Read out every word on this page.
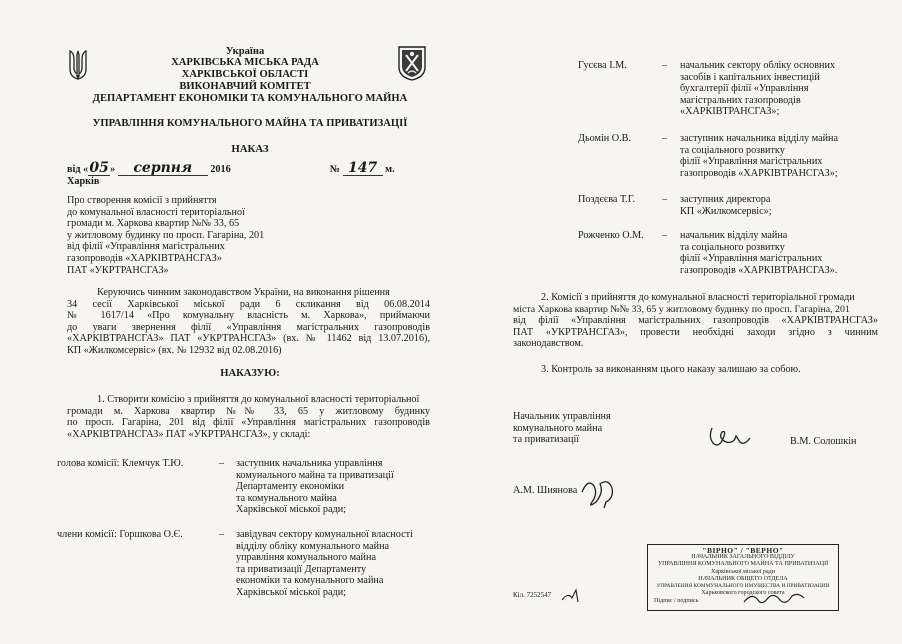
Україна

ХАРКІВСЬКА МІСЬКА РАДА

ХАРКІВСЬКОЇ ОБЛАСТІ

ВИКОНАВЧИЙ КОМІТЕТ

ДЕПАРТАМЕНТ ЕКОНОМІКИ ТА КОМУНАЛЬНОГО МАЙНА

УПРАВЛІННЯ КОМУНАЛЬНОГО МАЙНА ТА ПРИВАТИЗАЦІЇ

НАКАЗ

від «05» серпня 2016	№ 147 м. Харків
Про створення комісії з прийняття
до комунальної власності територіальної
громади м. Харкова квартир №№ 33, 65
у житловому будинку по просп. Гагаріна, 201
від філії «Управління магістральних
газопроводів «ХАРКІВТРАНСГАЗ»
ПАТ «УКРТРАНСГАЗ»
Керуючись чинним законодавством України, на виконання рішення
34 сесії Харківської міської ради 6 скликання від 06.08.2014
№ 1617/14 «Про комунальну власність м. Харкова», приймаючи
до уваги звернення філії «Управління магістральних газопроводів
«ХАРКІВТРАНСГАЗ» ПАТ «УКРТРАНСГАЗ» (вх. № 11462 від 13.07.2016),
КП «Жилкомсервіс» (вх. № 12932 від 02.08.2016)

НАКАЗУЮ:

1. Створити комісію з прийняття до комунальної власності територіальної
громади м. Харкова квартир №№ 33, 65 у житловому будинку
по просп. Гагаріна, 201 від філії «Управління магістральних газопроводів
«ХАРКІВТРАНСГАЗ» ПАТ «УКРТРАНСГАЗ», у складі:
голова комісії: Клемчук Т.Ю.	– заступник начальника управління
комунального майна та приватизації
Департаменту економіки
та комунального майна
Харківської міської ради;
члени комісії: Горшкова О.Є.	– завідувач сектору комунальної власності
відділу обліку комунального майна
управління комунального майна
та приватизації Департаменту
економіки та комунального майна
Харківської міської ради;
Гусєва І.М.	– начальник сектору обліку основних
засобів і капітальних інвестицій
бухгалтерії філії «Управління
магістральних газопроводів
«ХАРКІВТРАНСГАЗ»;
Дьомін О.В.	– заступник начальника відділу майна
та соціального розвитку
філії «Управління магістральних
газопроводів «ХАРКІВТРАНСГАЗ»;
Поздєєва Т.Г.	– заступник директора
КП «Жилкомсервіс»;
Рожченко О.М.	– начальник відділу майна
та соціального розвитку
філії «Управління магістральних
газопроводів «ХАРКІВТРАНСГАЗ».
2. Комісії з прийняття до комунальної власності територіальної громади
міста Харкова квартир №№ 33, 65 у житловому будинку по просп. Гагаріна, 201
від філії «Управління магістральних газопроводів «ХАРКІВТРАНСГАЗ»
ПАТ «УКРТРАНСГАЗ», провести необхідні заходи згідно з чинним
законодавством.

3. Контроль за виконанням цього наказу залишаю за собою.

Начальник управління
комунального майна
та приватизації	В.М. Солошкін
А.М. Шиянова
Кіл. 7252547
"ВІРНО" / "ВЕРНО"
НАЧАЛЬНИК ЗАГАЛЬНОГО ВІДДІЛУ
УПРАВЛІННЯ КОМУНАЛЬНОГО МАЙНА ТА ПРИВАТИЗАЦІЇ
Харківської міської ради
НАЧАЛЬНИК ОБЩЕГО ОТДЕЛА
УПРАВЛЕНИЯ КОММУНАЛЬНОГО ИМУЩЕСТВА И ПРИВАТИЗАЦИИ
Харьковского городского совета
Підпис / подпись
